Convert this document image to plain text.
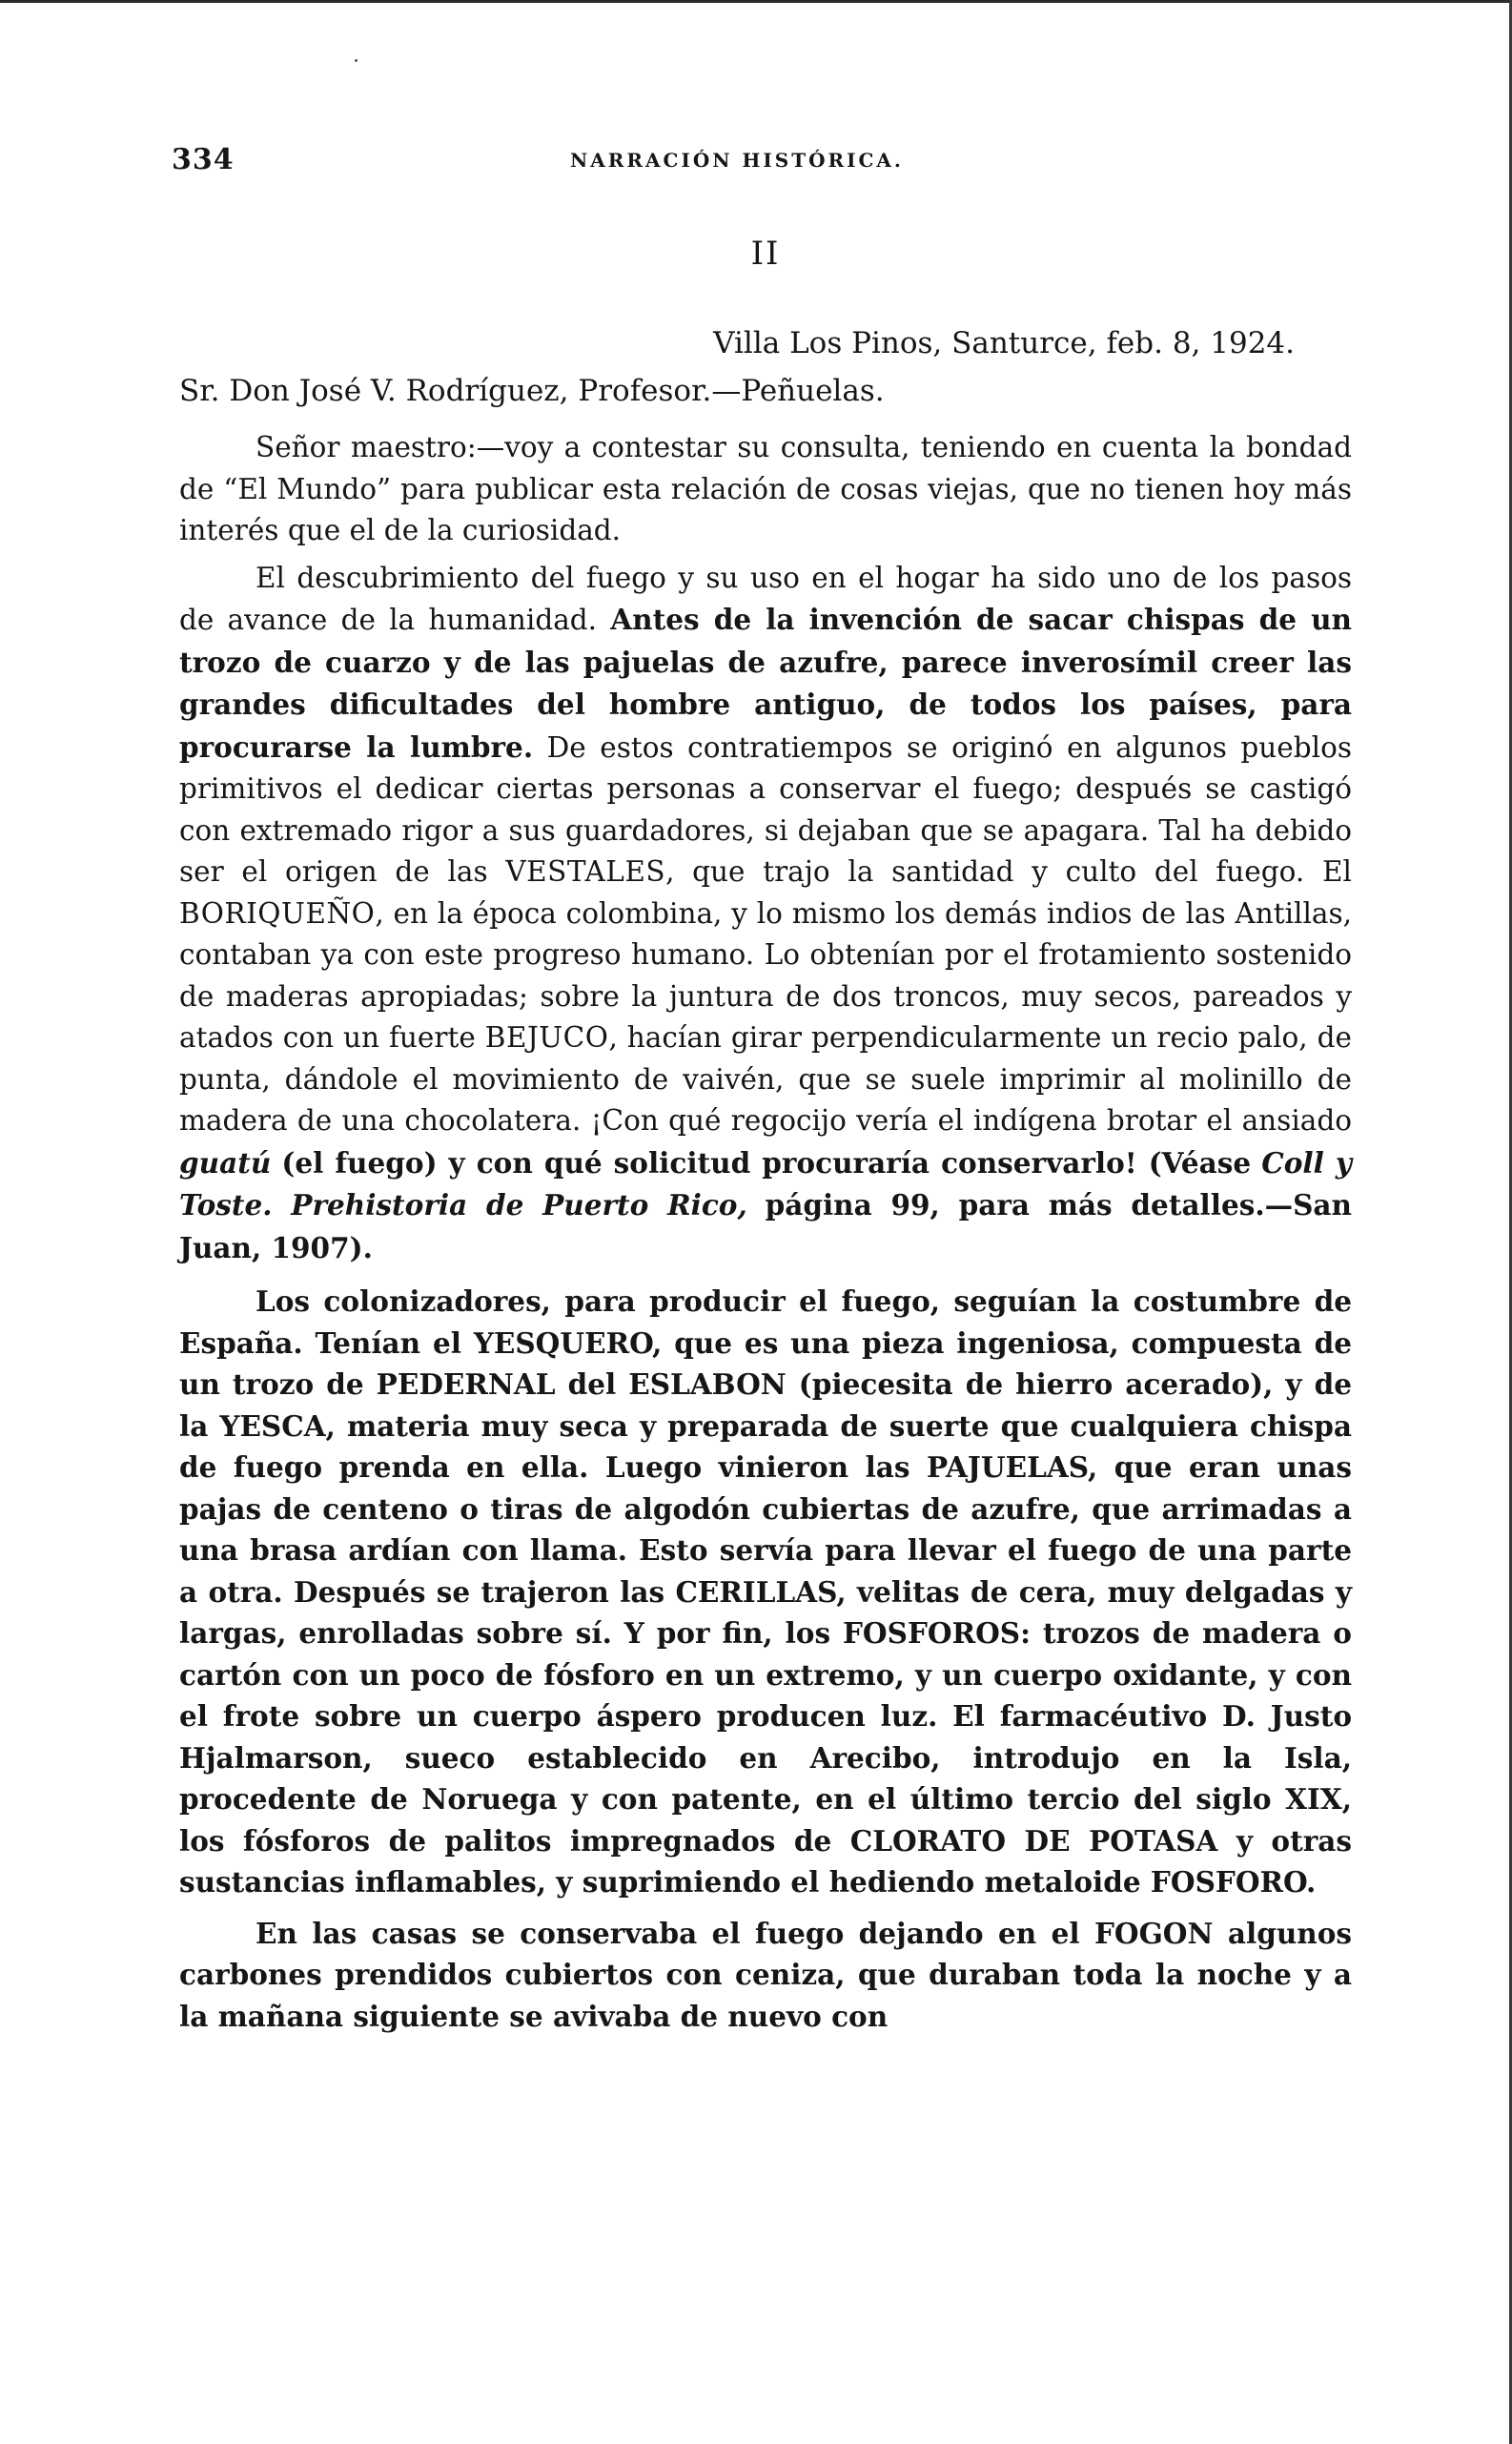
334	NARRACIÓN HISTÓRICA.
II
Villa Los Pinos, Santurce, feb. 8, 1924.
Sr. Don José V. Rodríguez, Profesor.—Peñuelas.

Señor maestro:—voy a contestar su consulta, teniendo en cuenta la bondad de “El Mundo” para publicar esta relación de cosas viejas, que no tienen hoy más interés que el de la curiosidad.

El descubrimiento del fuego y su uso en el hogar ha sido uno de los pasos de avance de la humanidad. Antes de la invención de sacar chispas de un trozo de cuarzo y de las pajuelas de azufre, parece inverosímil creer las grandes dificultades del hombre antiguo, de todos los países, para procurarse la lumbre. De estos contratiempos se originó en algunos pueblos primitivos el dedicar ciertas personas a conservar el fuego; después se castigó con extremado rigor a sus guardadores, si dejaban que se apagara. Tal ha debido ser el origen de las VESTALES, que trajo la santidad y culto del fuego. El BORIQUEÑO, en la época colombina, y lo mismo los demás indios de las Antillas, contaban ya con este progreso humano. Lo obtenían por el frotamiento sostenido de maderas apropiadas; sobre la juntura de dos troncos, muy secos, pareados y atados con un fuerte BEJUCO, hacían girar perpendicularmente un recio palo, de punta, dándole el movimiento de vaivén, que se suele imprimir al molinillo de madera de una chocolatera. ¡Con qué regocijo vería el indígena brotar el ansiado guatú (el fuego) y con qué solicitud procuraría conservarlo! (Véase Coll y Toste. Prehistoria de Puerto Rico, página 99, para más detalles.—San Juan, 1907).

Los colonizadores, para producir el fuego, seguían la costumbre de España. Tenían el YESQUERO, que es una pieza ingeniosa, compuesta de un trozo de PEDERNAL del ESLABON (piecesita de hierro acerado), y de la YESCA, materia muy seca y preparada de suerte que cualquiera chispa de fuego prenda en ella. Luego vinieron las PAJUELAS, que eran unas pajas de centeno o tiras de algodón cubiertas de azufre, que arrimadas a una brasa ardían con llama. Esto servía para llevar el fuego de una parte a otra. Después se trajeron las CERILLAS, velitas de cera, muy delgadas y largas, enrolladas sobre sí. Y por fin, los FOSFOROS: trozos de madera o cartón con un poco de fósforo en un extremo, y un cuerpo oxidante, y con el frote sobre un cuerpo áspero producen luz. El farmacéutivo D. Justo Hjalmarson, sueco establecido en Arecibo, introdujo en la Isla, procedente de Noruega y con patente, en el último tercio del siglo XIX, los fósforos de palitos impregnados de CLORATO DE POTASA y otras sustancias inflamables, y suprimiendo el hediendo metaloide FOSFORO.

En las casas se conservaba el fuego dejando en el FOGON algunos carbones prendidos cubiertos con ceniza, que duraban toda la noche y a la mañana siguiente se avivaba de nuevo con
